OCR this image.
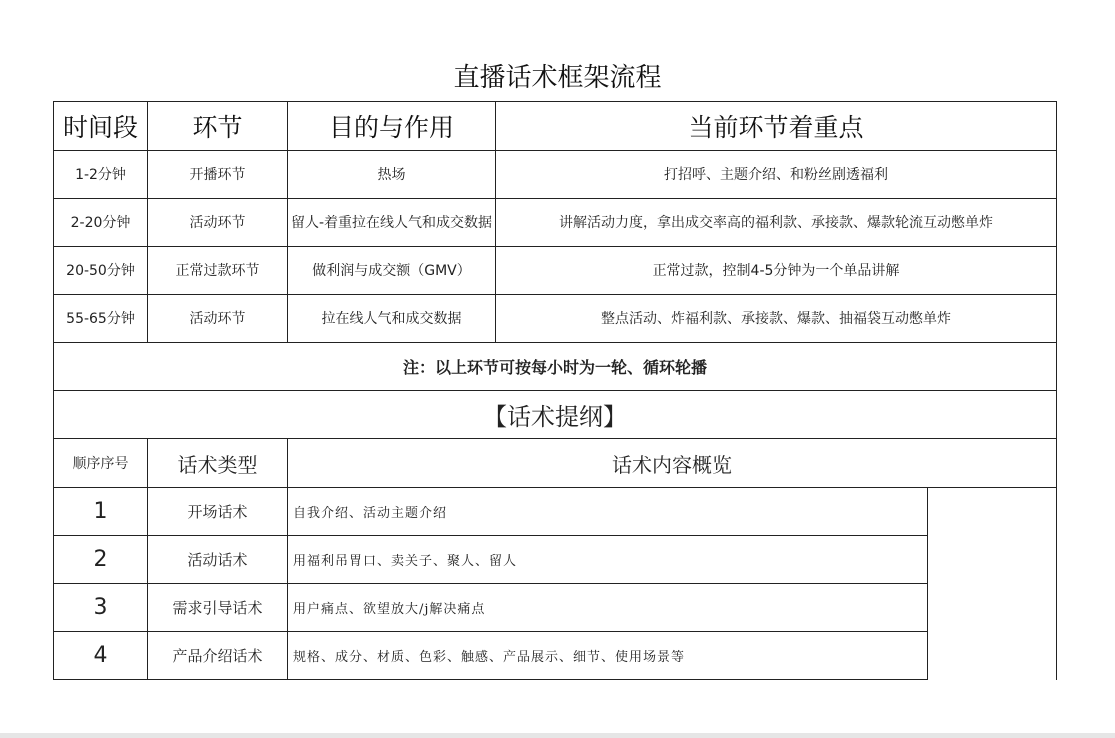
直播话术框架流程
时间段	环节	目的与作用	当前环节着重点
1-2分钟	开播环节	热场	打招呼、主题介绍、和粉丝剧透福利
2-20分钟	活动环节	留人-着重拉在线人气和成交数据	讲解活动力度，拿出成交率高的福利款、承接款、爆款轮流互动憋单炸
20-50分钟	正常过款环节	做利润与成交额（GMV）	正常过款，控制4-5分钟为一个单品讲解
55-65分钟	活动环节	拉在线人气和成交数据	整点活动、炸福利款、承接款、爆款、抽福袋互动憋单炸
注：以上环节可按每小时为一轮、循环轮播			
【话术提纲】			
顺序序号	话术类型	话术内容概览	
1	开场话术	自我介绍、活动主题介绍	
2	活动话术	用福利吊胃口、卖关子、聚人、留人	
3	需求引导话术	用户痛点、欲望放大/j解决痛点	
4	产品介绍话术	规格、成分、材质、色彩、触感、产品展示、细节、使用场景等	
